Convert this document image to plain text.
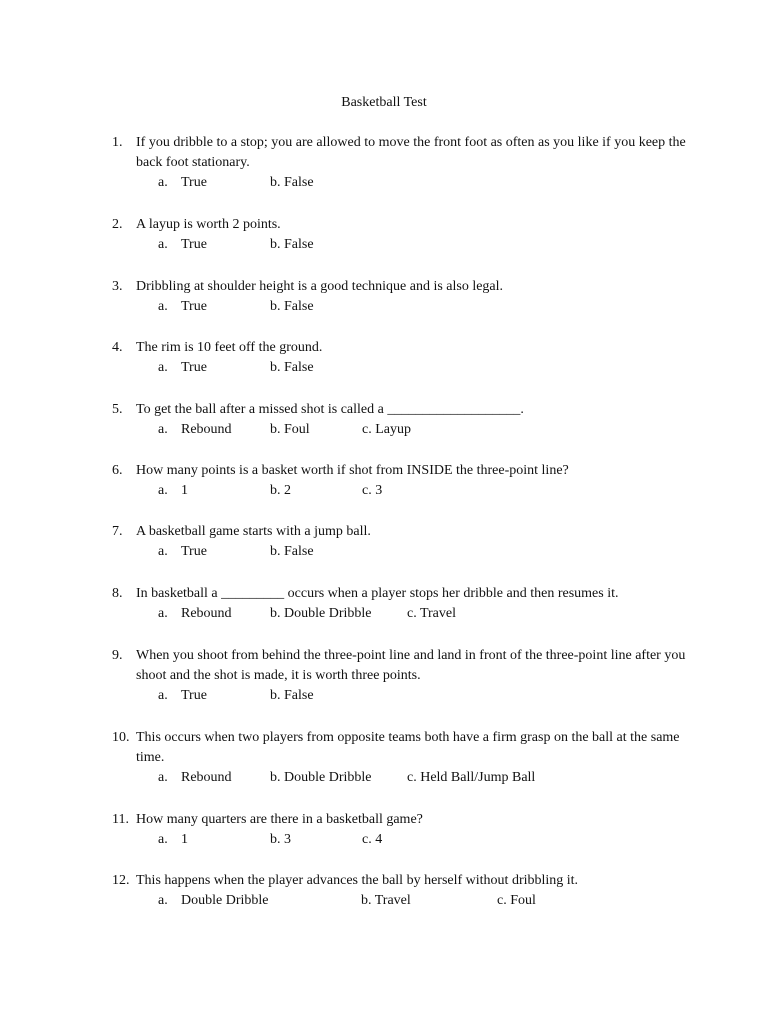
Basketball Test
1. If you dribble to a stop; you are allowed to move the front foot as often as you like if you keep the back foot stationary.
a. True	b. False
2. A layup is worth 2 points.
a. True	b. False
3. Dribbling at shoulder height is a good technique and is also legal.
a. True	b. False
4. The rim is 10 feet off the ground.
a. True	b. False
5. To get the ball after a missed shot is called a ___________________.
a. Rebound	b. Foul	c. Layup
6. How many points is a basket worth if shot from INSIDE the three-point line?
a. 1	b. 2	c. 3
7. A basketball game starts with a jump ball.
a. True	b. False
8. In basketball a _________ occurs when a player stops her dribble and then resumes it.
a. Rebound	b. Double Dribble	c. Travel
9. When you shoot from behind the three-point line and land in front of the three-point line after you shoot and the shot is made, it is worth three points.
a. True	b. False
10. This occurs when two players from opposite teams both have a firm grasp on the ball at the same time.
a. Rebound	b. Double Dribble	c. Held Ball/Jump Ball
11. How many quarters are there in a basketball game?
a. 1	b. 3	c. 4
12. This happens when the player advances the ball by herself without dribbling it.
a. Double Dribble	b. Travel	c. Foul
